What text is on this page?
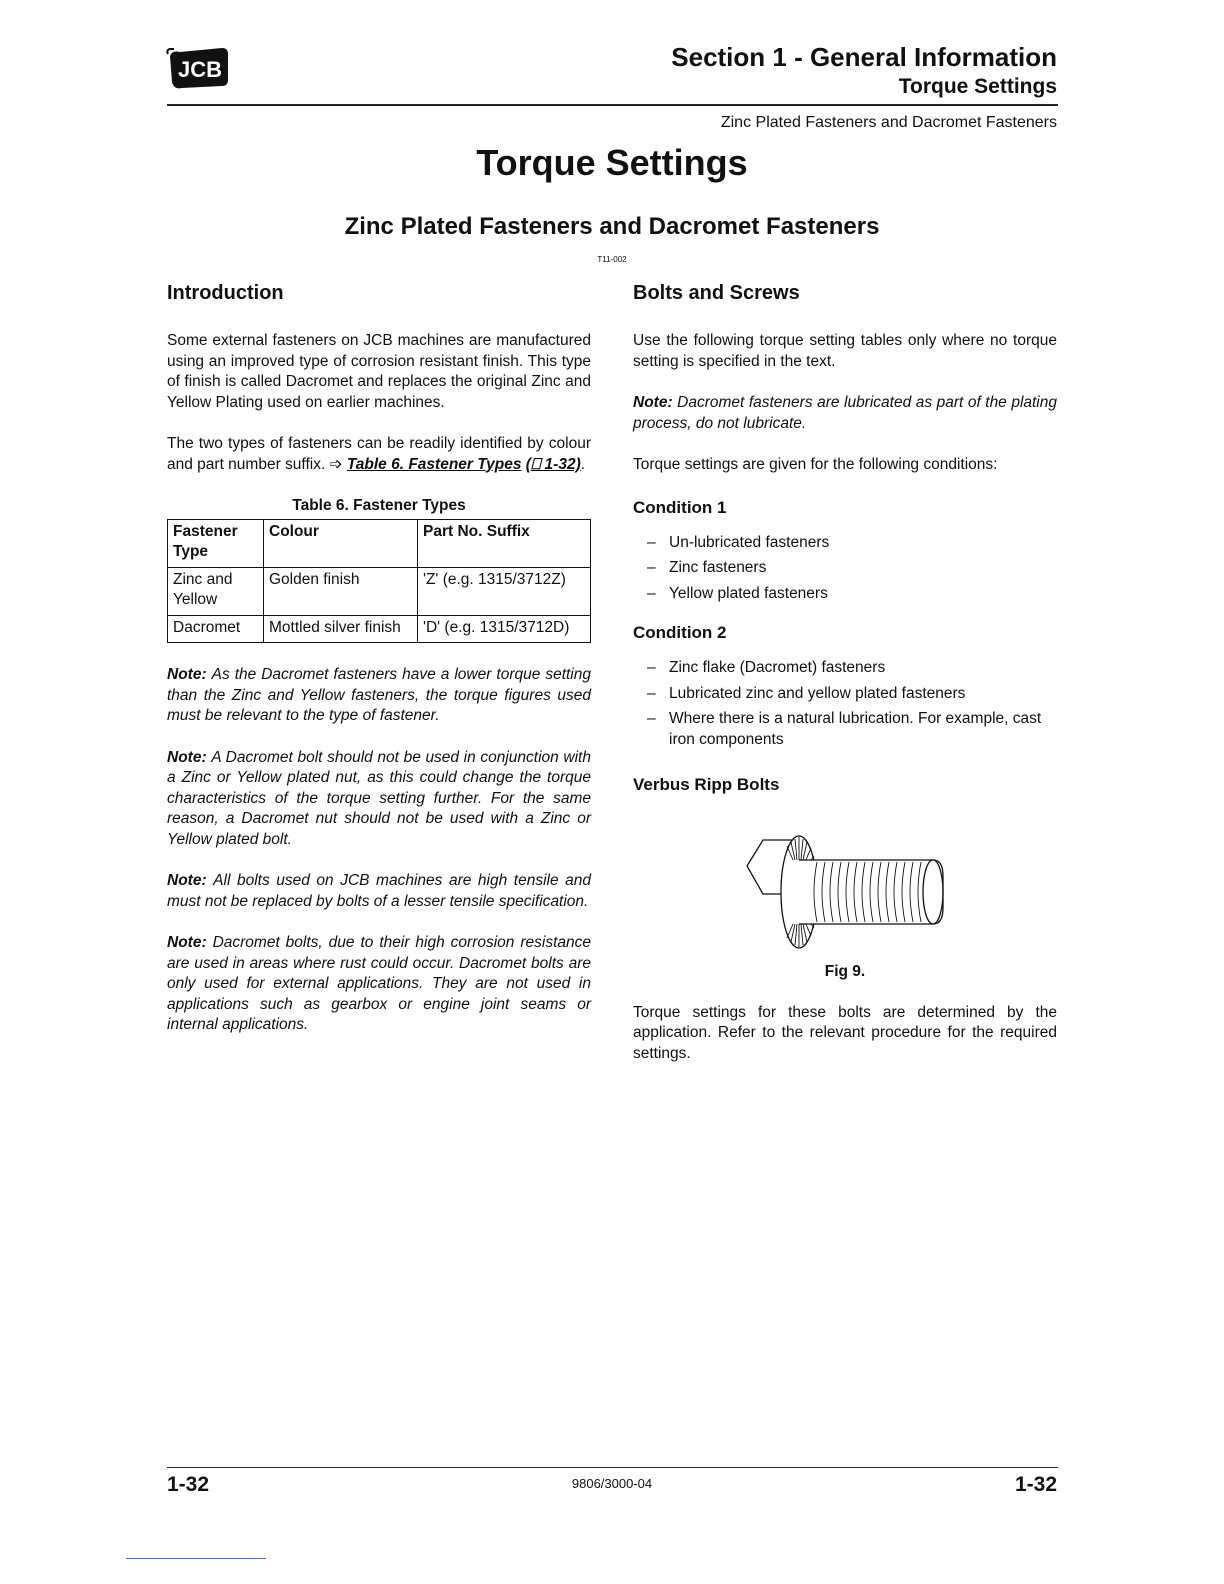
JCB	Section 1 - General Information
Torque Settings
Zinc Plated Fasteners and Dacromet Fasteners
Torque Settings
Zinc Plated Fasteners and Dacromet Fasteners
T11-002
Introduction

Some external fasteners on JCB machines are manufactured using an improved type of corrosion resistant finish. This type of finish is called Dacromet and replaces the original Zinc and Yellow Plating used on earlier machines.

The two types of fasteners can be readily identified by colour and part number suffix. ➩ Table 6. Fastener Types (⎕ 1-32).

Table 6. Fastener Types
Fastener Type	Colour	Part No. Suffix
Zinc and Yellow	Golden finish	'Z' (e.g. 1315/3712Z)
Dacromet	Mottled silver finish	'D' (e.g. 1315/3712D)

Note: As the Dacromet fasteners have a lower torque setting than the Zinc and Yellow fasteners, the torque figures used must be relevant to the type of fastener.

Note: A Dacromet bolt should not be used in conjunction with a Zinc or Yellow plated nut, as this could change the torque characteristics of the torque setting further. For the same reason, a Dacromet nut should not be used with a Zinc or Yellow plated bolt.

Note: All bolts used on JCB machines are high tensile and must not be replaced by bolts of a lesser tensile specification.

Note: Dacromet bolts, due to their high corrosion resistance are used in areas where rust could occur. Dacromet bolts are only used for external applications. They are not used in applications such as gearbox or engine joint seams or internal applications.

Bolts and Screws

Use the following torque setting tables only where no torque setting is specified in the text.

Note: Dacromet fasteners are lubricated as part of the plating process, do not lubricate.

Torque settings are given for the following conditions:

Condition 1
– Un-lubricated fasteners
– Zinc fasteners
– Yellow plated fasteners
Condition 2
– Zinc flake (Dacromet) fasteners
– Lubricated zinc and yellow plated fasteners
– Where there is a natural lubrication. For example, cast iron components
Verbus Ripp Bolts
Fig 9.

Torque settings for these bolts are determined by the application. Refer to the relevant procedure for the required settings.

1-32	9806/3000-04	1-32
